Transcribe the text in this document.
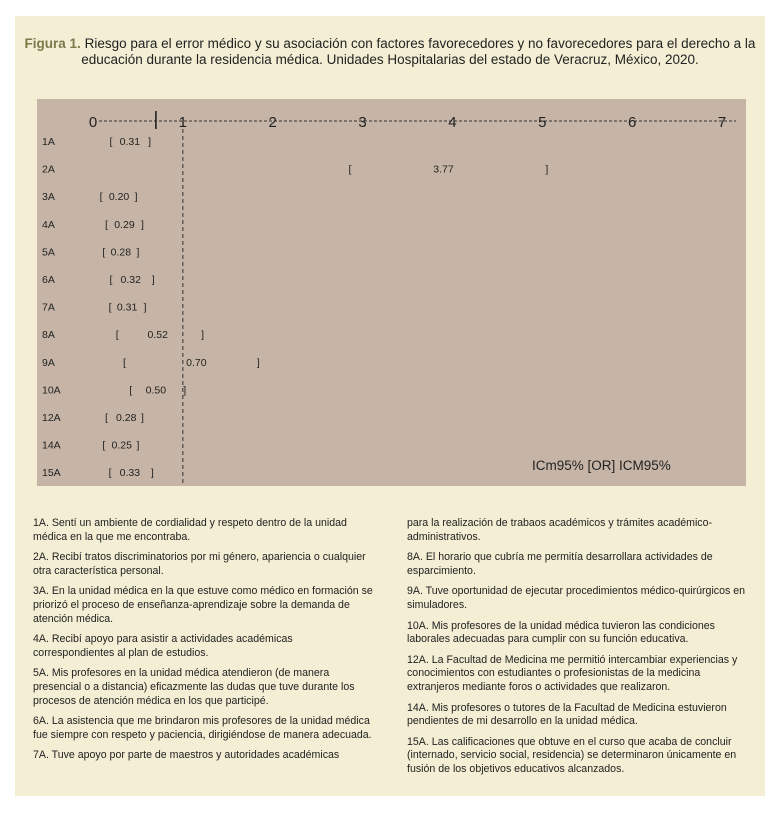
Figura 1. Riesgo para el error médico y su asociación con factores favorecedores y no favorecedores para el derecho a la educación durante la residencia médica. Unidades Hospitalarias del estado de Veracruz, México, 2020.
0	1	2	3	4	5	6	7
1A	[ 0.31 ]
2A	[	3.77	]
3A	[ 0.20 ]
4A	[ 0.29 ]
5A	[ 0.28 ]
6A	[ 0.32 ]
7A	[ 0.31 ]
8A	[	0.52	]
9A	[	0.70	]
10A	[ 0.50 ]
12A	[ 0.28 ]
14A	[ 0.25 ]
15A	[ 0.33 ]
ICm95% [OR] ICM95%

1A. Sentí un ambiente de cordialidad y respeto dentro de la unidad médica en la que me encontraba.

2A. Recibí tratos discriminatorios por mi género, apariencia o cualquier otra característica personal.

3A. En la unidad médica en la que estuve como médico en formación se priorizó el proceso de enseñanza-aprendizaje sobre la demanda de atención médica.

4A. Recibí apoyo para asistir a actividades académicas correspondientes al plan de estudios.

5A. Mis profesores en la unidad médica atendieron (de manera presencial o a distancia) eficazmente las dudas que tuve durante los procesos de atención médica en los que participé.

6A. La asistencia que me brindaron mis profesores de la unidad médica fue siempre con respeto y paciencia, dirigiéndose de manera adecuada.

7A. Tuve apoyo por parte de maestros y autoridades académicas

para la realización de trabaos académicos y trámites académico-administrativos.

8A. El horario que cubría me permitía desarrollara actividades de esparcimiento.

9A. Tuve oportunidad de ejecutar procedimientos médico-quirúrgicos en simuladores.

10A. Mis profesores de la unidad médica tuvieron las condiciones laborales adecuadas para cumplir con su función educativa.

12A. La Facultad de Medicina me permitió intercambiar experiencias y conocimientos con estudiantes o profesionistas de la medicina extranjeros mediante foros o actividades que realizaron.

14A. Mis profesores o tutores de la Facultad de Medicina estuvieron pendientes de mi desarrollo en la unidad médica.

15A. Las calificaciones que obtuve en el curso que acaba de concluir (internado, servicio social, residencia) se determinaron únicamente en fusión de los objetivos educativos alcanzados.
